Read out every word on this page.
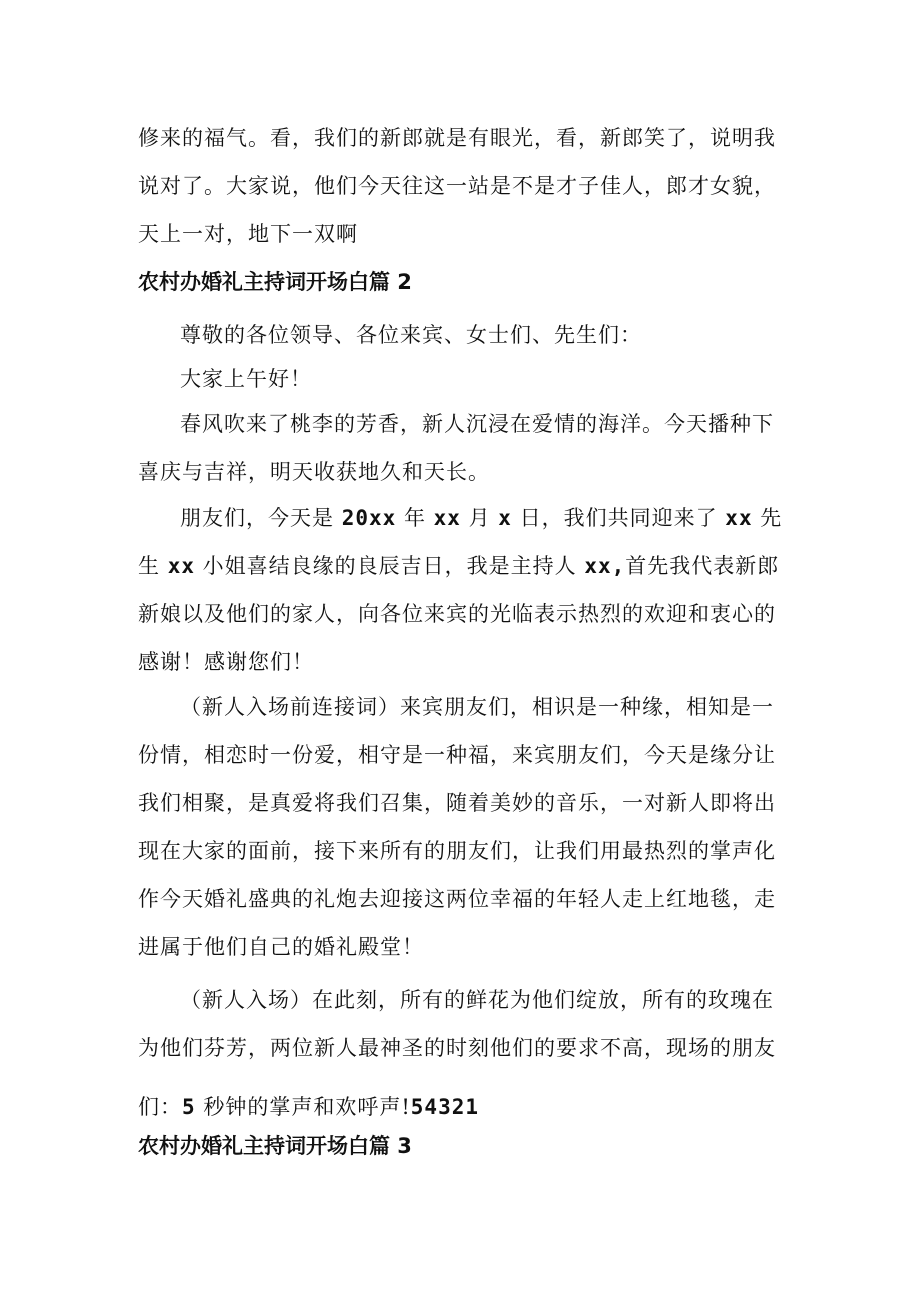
修来的福气。看，我们的新郎就是有眼光，看，新郎笑了，说明我说对了。大家说，他们今天往这一站是不是才子佳人，郎才女貌，天上一对，地下一双啊
农村办婚礼主持词开场白篇 2
尊敬的各位领导、各位来宾、女士们、先生们：
大家上午好！
春风吹来了桃李的芳香，新人沉浸在爱情的海洋。今天播种下喜庆与吉祥，明天收获地久和天长。
朋友们，今天是 20xx 年 xx 月 x 日，我们共同迎来了 xx 先生 xx 小姐喜结良缘的良辰吉日，我是主持人 xx,首先我代表新郎新娘以及他们的家人，向各位来宾的光临表示热烈的欢迎和衷心的感谢！感谢您们！
（新人入场前连接词）来宾朋友们，相识是一种缘，相知是一份情，相恋时一份爱，相守是一种福，来宾朋友们，今天是缘分让我们相聚，是真爱将我们召集，随着美妙的音乐，一对新人即将出现在大家的面前，接下来所有的朋友们，让我们用最热烈的掌声化作今天婚礼盛典的礼炮去迎接这两位幸福的年轻人走上红地毯，走进属于他们自己的婚礼殿堂！
（新人入场）在此刻，所有的鲜花为他们绽放，所有的玫瑰在为他们芬芳，两位新人最神圣的时刻他们的要求不高，现场的朋友
们：5 秒钟的掌声和欢呼声!54321
农村办婚礼主持词开场白篇 3
